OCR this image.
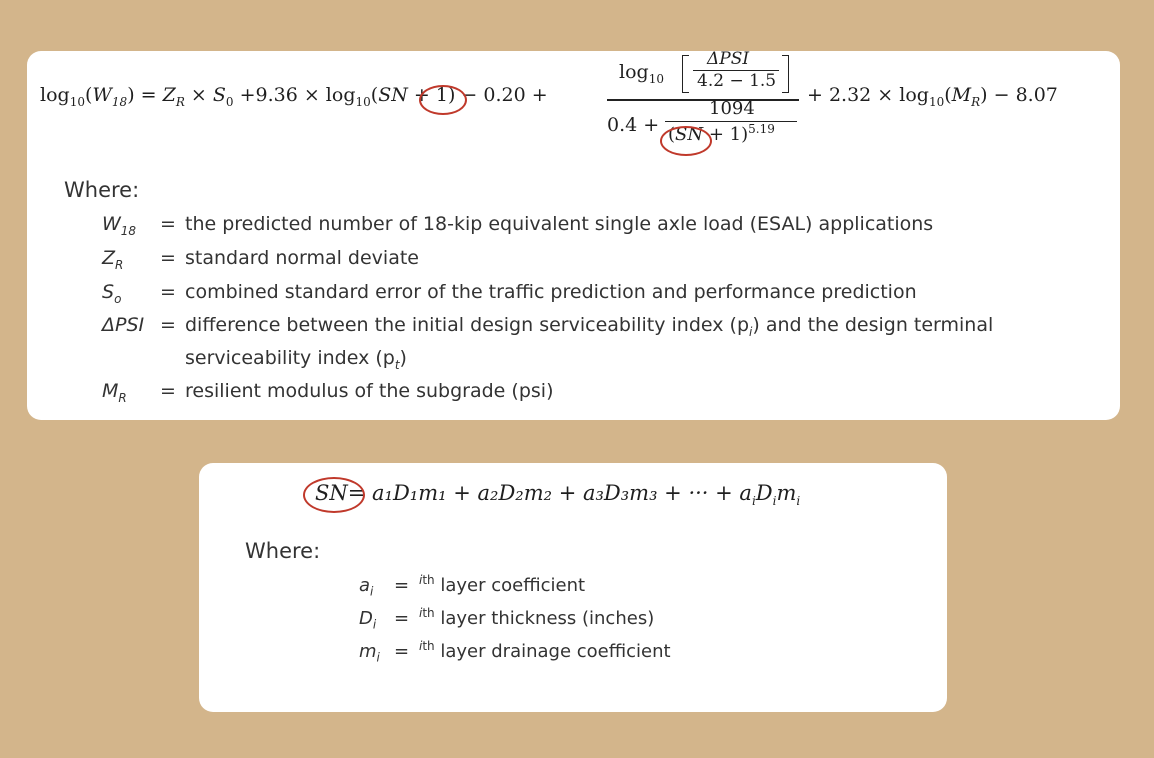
$\log_{10}(W_{18}) = Z_R \times S_0 +9.36 \times \log_{10}(SN + 1) - 0.20$ +
$\log_{10}$
ΔPSI
4.2 − 1.5
0.4 +
1094
(SN + 1)$^{5.19}$
+ $2.32 \times \log_{10}(M_R) - 8.07$
Where:
$W_{18}$ = the predicted number of 18-kip equivalent single axle load (ESAL) applications
$Z_R$ = standard normal deviate
$S_o$ = combined standard error of the traffic prediction and performance prediction
ΔPSI = difference between the initial design serviceability index $(p_i)$ and the design terminal
serviceability index $(p_t)$
$M_R$ = resilient modulus of the subgrade (psi)
SN= a₁D₁m₁ + a₂D₂m₂ + a₃D₃m₃ + ··· + $a_iD_im_i$
Where:
$a_i = ^{ith}$ layer coefficient
$D_i = ^{ith}$ layer thickness (inches)
$m_i = ^{ith}$ layer drainage coefficient
